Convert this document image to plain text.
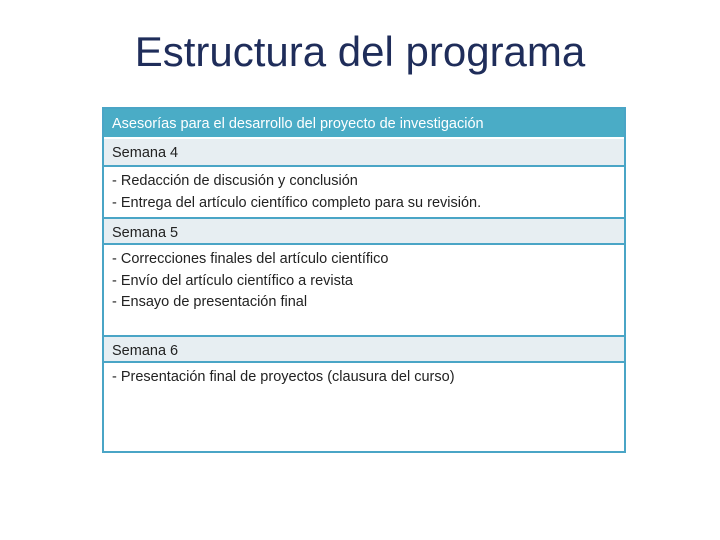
Estructura del programa
Asesorías para el desarrollo del proyecto de investigación
Semana 4
- Redacción de discusión y conclusión
- Entrega del artículo científico completo para su revisión.
Semana 5
- Correcciones finales del artículo científico
- Envío del artículo científico a revista
- Ensayo de presentación final
Semana 6
- Presentación final de proyectos (clausura del curso)
